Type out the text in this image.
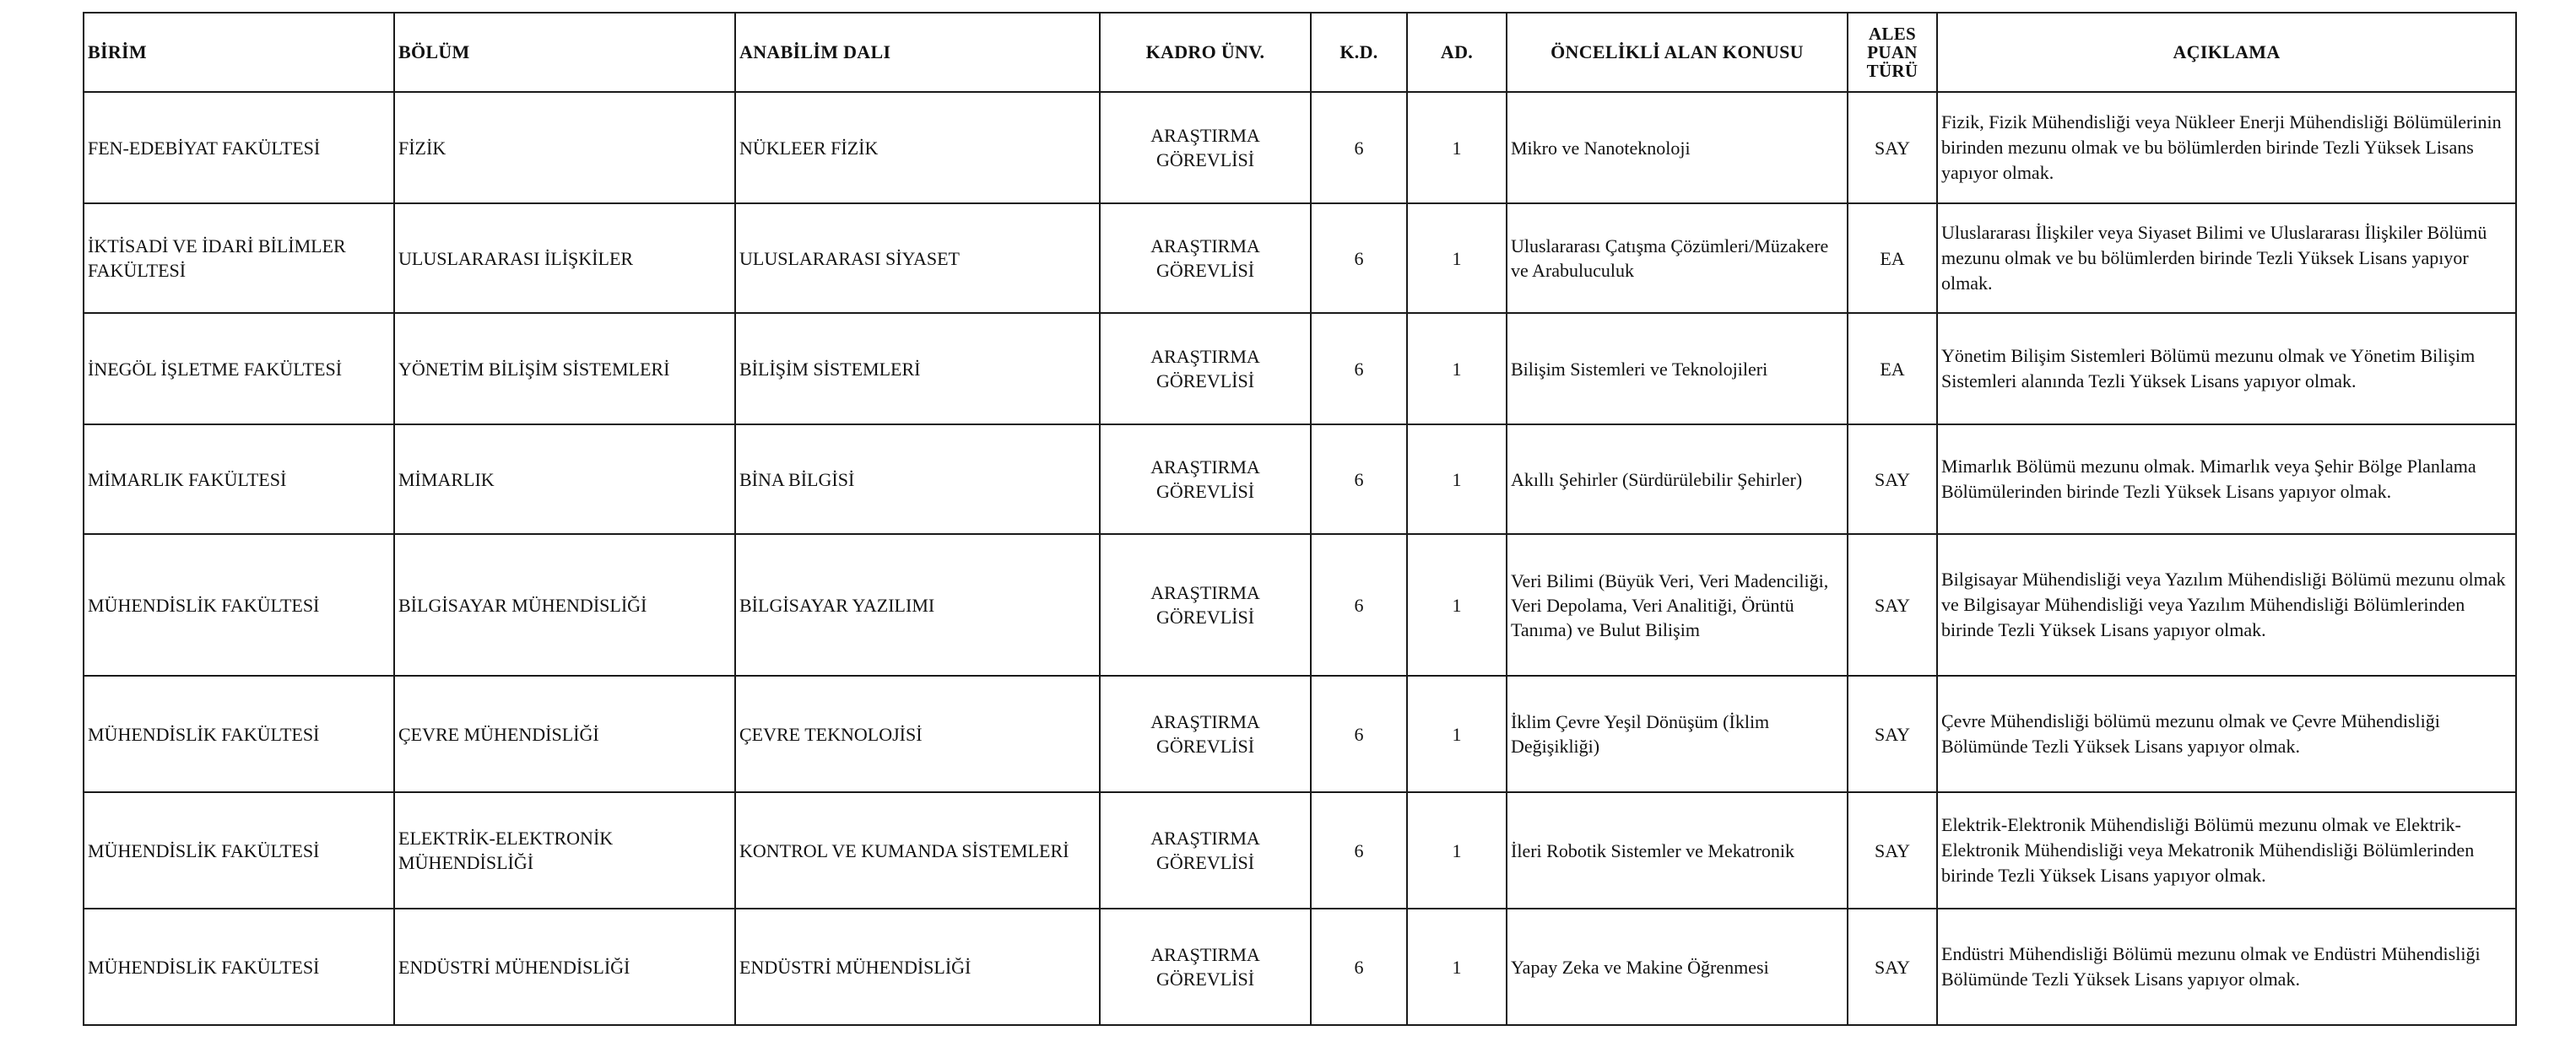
BİRİM	BÖLÜM	ANABİLİM DALI	KADRO ÜNV.	K.D.	AD.	ÖNCELİKLİ ALAN KONUSU	ALES
PUAN
TÜRÜ	AÇIKLAMA
FEN-EDEBİYAT FAKÜLTESİ	FİZİK	NÜKLEER FİZİK	ARAŞTIRMA
GÖREVLİSİ	6	1	Mikro ve Nanoteknoloji	SAY	Fizik, Fizik Mühendisliği veya Nükleer Enerji Mühendisliği Bölümülerinin birinden mezunu olmak ve bu bölümlerden birinde Tezli Yüksek Lisans yapıyor olmak.
İKTİSADİ VE İDARİ BİLİMLER FAKÜLTESİ	ULUSLARARASI İLİŞKİLER	ULUSLARARASI SİYASET	ARAŞTIRMA
GÖREVLİSİ	6	1	Uluslararası Çatışma Çözümleri/Müzakere ve Arabuluculuk	EA	Uluslararası İlişkiler veya Siyaset Bilimi ve Uluslararası İlişkiler Bölümü mezunu olmak ve bu bölümlerden birinde Tezli Yüksek Lisans yapıyor olmak.
İNEGÖL İŞLETME FAKÜLTESİ	YÖNETİM BİLİŞİM SİSTEMLERİ	BİLİŞİM SİSTEMLERİ	ARAŞTIRMA
GÖREVLİSİ	6	1	Bilişim Sistemleri ve Teknolojileri	EA	Yönetim Bilişim Sistemleri Bölümü mezunu olmak ve Yönetim Bilişim Sistemleri alanında Tezli Yüksek Lisans yapıyor olmak.
MİMARLIK FAKÜLTESİ	MİMARLIK	BİNA BİLGİSİ	ARAŞTIRMA
GÖREVLİSİ	6	1	Akıllı Şehirler (Sürdürülebilir Şehirler)	SAY	Mimarlık Bölümü mezunu olmak. Mimarlık veya Şehir Bölge Planlama Bölümülerinden birinde Tezli Yüksek Lisans yapıyor olmak.
MÜHENDİSLİK FAKÜLTESİ	BİLGİSAYAR MÜHENDİSLİĞİ	BİLGİSAYAR YAZILIMI	ARAŞTIRMA
GÖREVLİSİ	6	1	Veri Bilimi (Büyük Veri, Veri Madenciliği, Veri Depolama, Veri Analitiği, Örüntü Tanıma) ve Bulut Bilişim	SAY	Bilgisayar Mühendisliği veya Yazılım Mühendisliği Bölümü mezunu olmak ve Bilgisayar Mühendisliği veya Yazılım Mühendisliği Bölümlerinden birinde Tezli Yüksek Lisans yapıyor olmak.
MÜHENDİSLİK FAKÜLTESİ	ÇEVRE MÜHENDİSLİĞİ	ÇEVRE TEKNOLOJİSİ	ARAŞTIRMA
GÖREVLİSİ	6	1	İklim Çevre Yeşil Dönüşüm (İklim Değişikliği)	SAY	Çevre Mühendisliği bölümü mezunu olmak ve Çevre Mühendisliği Bölümünde Tezli Yüksek Lisans yapıyor olmak.
MÜHENDİSLİK FAKÜLTESİ	ELEKTRİK-ELEKTRONİK MÜHENDİSLİĞİ	KONTROL VE KUMANDA SİSTEMLERİ	ARAŞTIRMA
GÖREVLİSİ	6	1	İleri Robotik Sistemler ve Mekatronik	SAY	Elektrik-Elektronik Mühendisliği Bölümü mezunu olmak ve Elektrik-Elektronik Mühendisliği veya Mekatronik Mühendisliği Bölümlerinden birinde Tezli Yüksek Lisans yapıyor olmak.
MÜHENDİSLİK FAKÜLTESİ	ENDÜSTRİ MÜHENDİSLİĞİ	ENDÜSTRİ MÜHENDİSLİĞİ	ARAŞTIRMA
GÖREVLİSİ	6	1	Yapay Zeka ve Makine Öğrenmesi	SAY	Endüstri Mühendisliği Bölümü mezunu olmak ve Endüstri Mühendisliği Bölümünde Tezli Yüksek Lisans yapıyor olmak.
